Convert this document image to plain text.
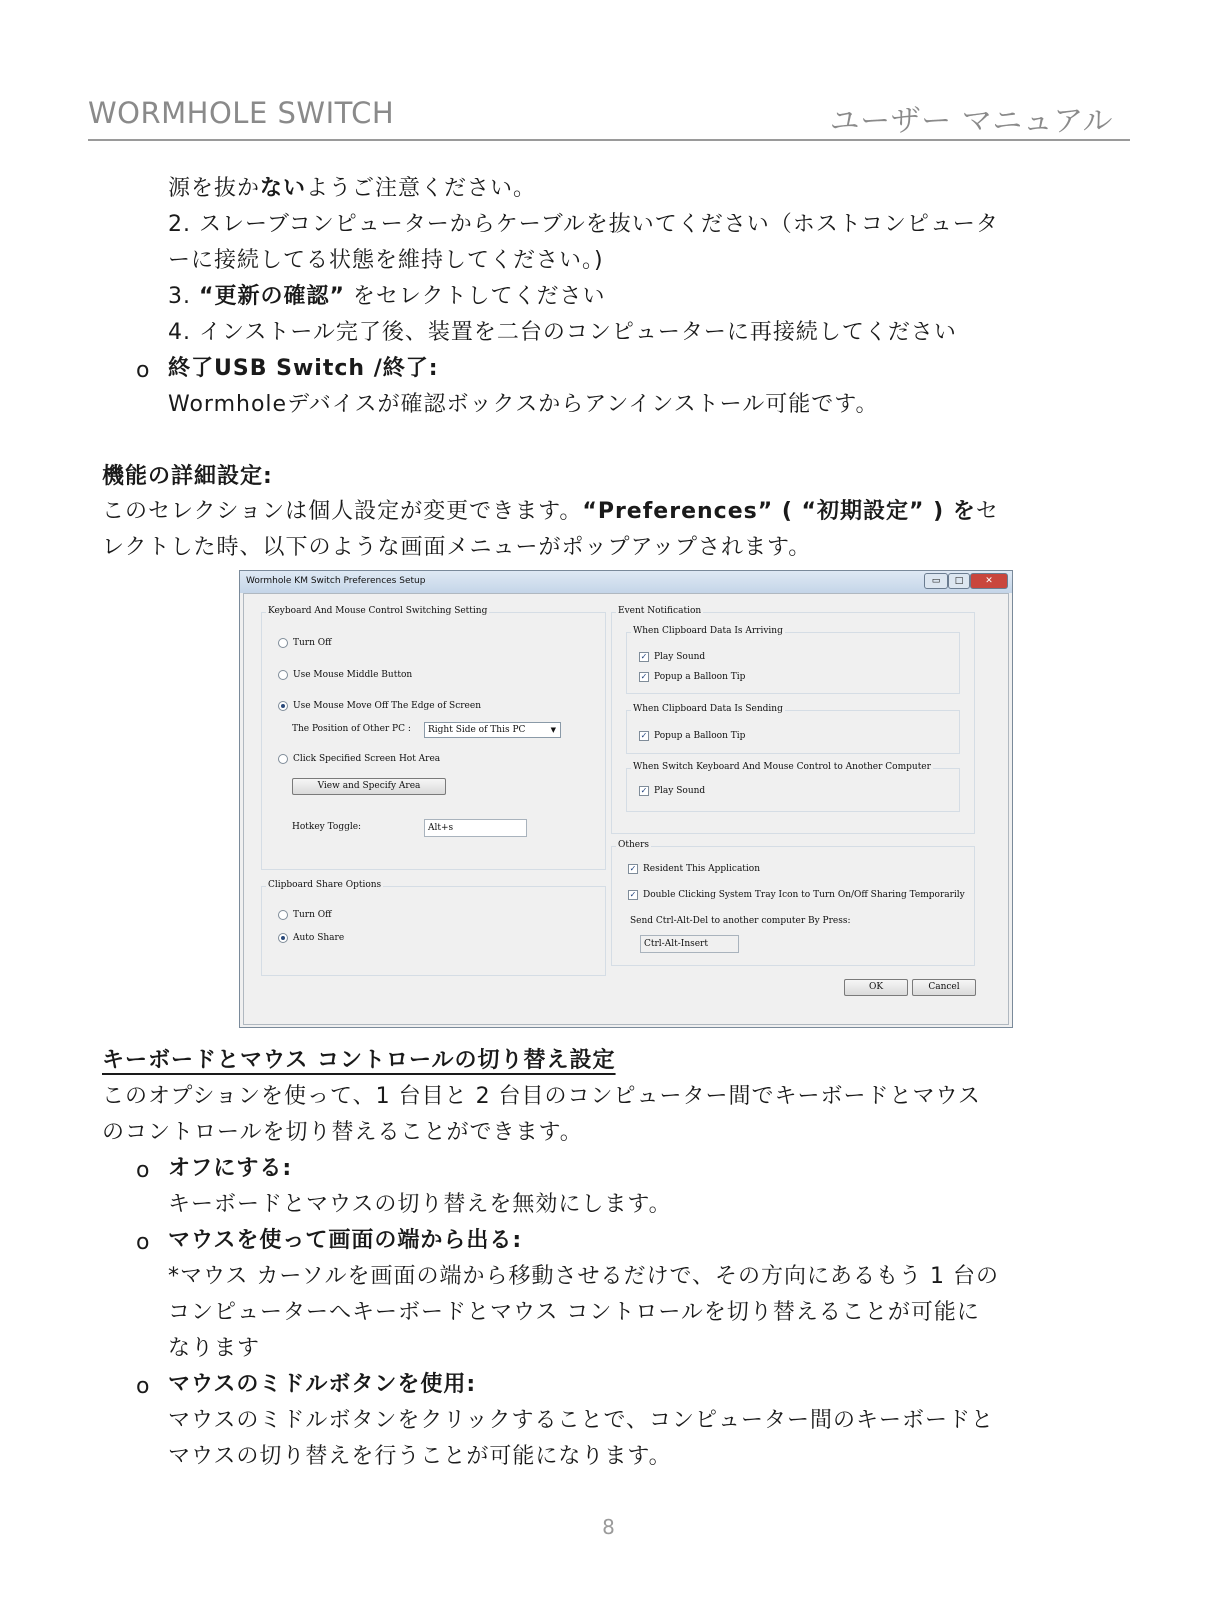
WORMHOLE SWITCH	ユーザー マニュアル
源を抜かないようご注意ください。
2. スレーブコンピューターからケーブルを抜いてください（ホストコンピュータ
ーに接続してる状態を維持してください。)
3. “更新の確認” をセレクトしてください
4. インストール完了後、装置を二台のコンピューターに再接続してください
o 終了USB Switch /終了:
Wormholeデバイスが確認ボックスからアンインストール可能です。
機能の詳細設定:
このセレクションは個人設定が変更できます。“Preferences” ( “初期設定” ) をセ
レクトした時、以下のような画面メニューがポップアップされます。
Wormhole KM Switch Preferences Setup	▭	□	✕
Keyboard And Mouse Control Switching Setting
Turn Off
Use Mouse Middle Button
Use Mouse Move Off The Edge of Screen
The Position of Other PC :	Right Side of This PC	▼
Click Specified Screen Hot Area
View and Specify Area
Hotkey Toggle:	Alt+s
Clipboard Share Options
Turn Off
Auto Share
Event Notification
When Clipboard Data Is Arriving
✓ Play Sound
✓ Popup a Balloon Tip
When Clipboard Data Is Sending
✓ Popup a Balloon Tip
When Switch Keyboard And Mouse Control to Another Computer
✓ Play Sound
Others
✓ Resident This Application
✓ Double Clicking System Tray Icon to Turn On/Off Sharing Temporarily
Send Ctrl-Alt-Del to another computer By Press:
Ctrl-Alt-Insert
OK	Cancel
キーボードとマウス コントロールの切り替え設定
このオプションを使って、1 台目と 2 台目のコンピューター間でキーボードとマウス
のコントロールを切り替えることができます。
o オフにする:
キーボードとマウスの切り替えを無効にします。
o マウスを使って画面の端から出る:
*マウス カーソルを画面の端から移動させるだけで、その方向にあるもう 1 台の
コンピューターへキーボードとマウス コントロールを切り替えることが可能に
なります
o マウスのミドルボタンを使用:
マウスのミドルボタンをクリックすることで、コンピューター間のキーボードと
マウスの切り替えを行うことが可能になります。
8
